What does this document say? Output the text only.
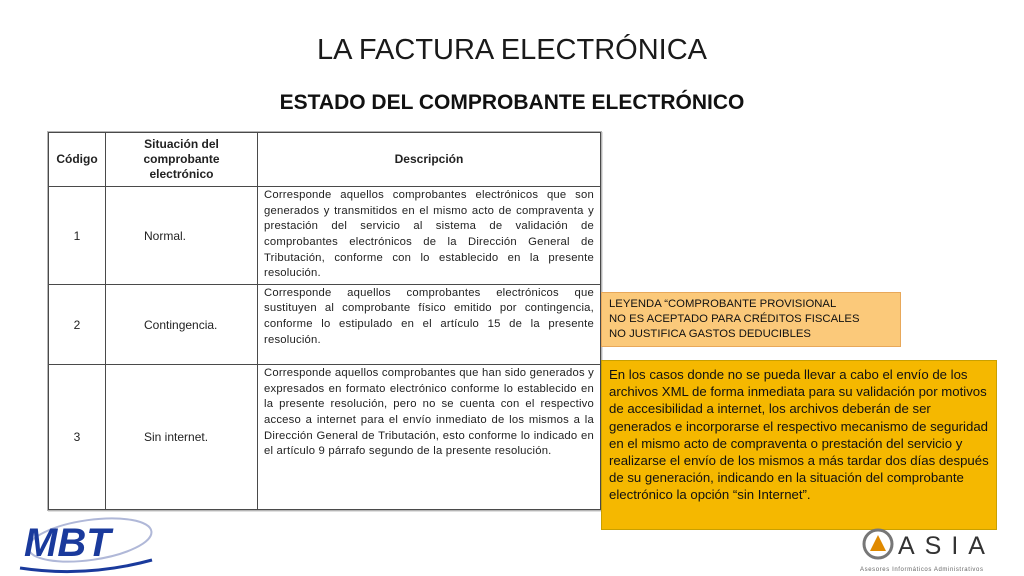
LA FACTURA ELECTRÓNICA
ESTADO DEL COMPROBANTE ELECTRÓNICO
Código	Situación del comprobante electrónico	Descripción
1	Normal.	Corresponde aquellos comprobantes electrónicos que son generados y transmitidos en el mismo acto de compraventa y prestación del servicio al sistema de validación de comprobantes electrónicos de la Dirección General de Tributación, conforme con lo establecido en la presente resolución.
2	Contingencia.	Corresponde aquellos comprobantes electrónicos que sustituyen al comprobante físico emitido por contingencia, conforme lo estipulado en el artículo 15 de la presente resolución.
3	Sin internet.	Corresponde aquellos comprobantes que han sido generados y expresados en formato electrónico conforme lo establecido en la presente resolución, pero no se cuenta con el respectivo acceso a internet para el envío inmediato de los mismos a la Dirección General de Tributación, esto conforme lo indicado en el artículo 9 párrafo segundo de la presente resolución.
LEYENDA “COMPROBANTE PROVISIONAL
NO ES ACEPTADO PARA CRÉDITOS FISCALES
NO JUSTIFICA GASTOS DEDUCIBLES
En los casos donde no se pueda llevar a cabo el envío de los archivos XML de forma inmediata para su validación por motivos de accesibilidad a internet, los archivos deberán de ser generados e incorporarse el respectivo mecanismo de seguridad en el mismo acto de compraventa o prestación del servicio y realizarse el envío de los mismos a más tardar dos días después de su generación, indicando en la situación del comprobante electrónico la opción “sin Internet”.
MBT	ASIA
Asesores Informáticos Administrativos
